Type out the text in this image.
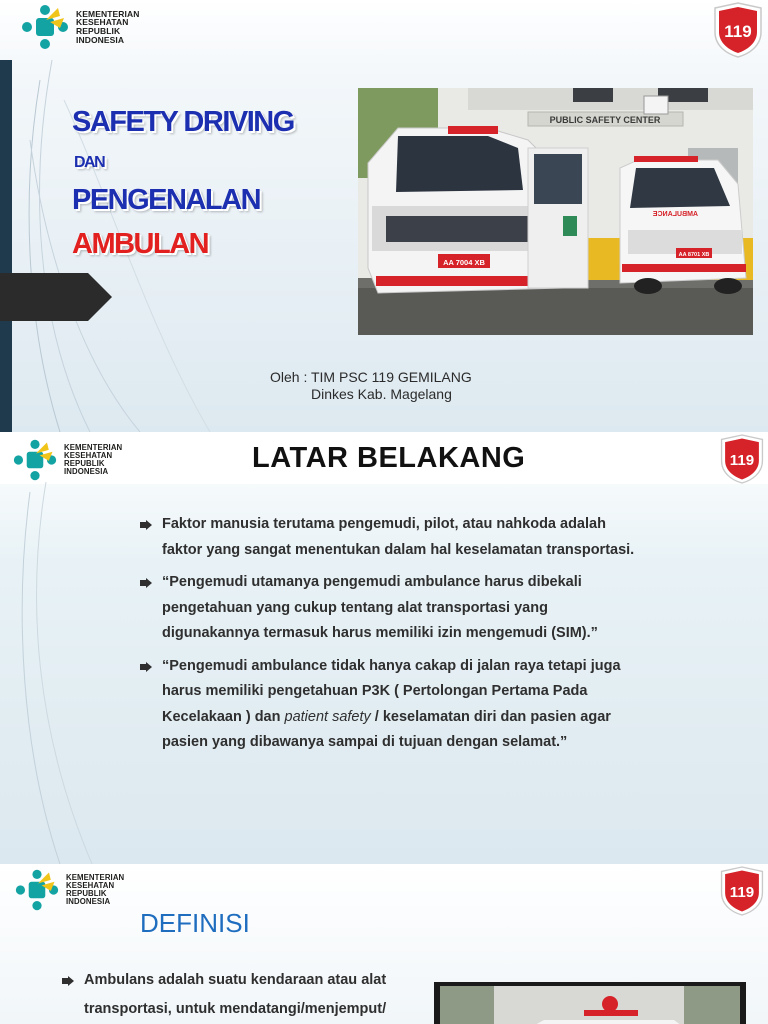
KEMENTERIAN
KESEHATAN
REPUBLIK
INDONESIA	119
SAFETY DRIVING
DAN
PENGENALAN
AMBULAN
PUBLIC SAFETY CENTER
AA 7004 XB
AMBULANCE
AA 8701 XB
Oleh : TIM PSC 119 GEMILANG
Dinkes Kab. Magelang
KEMENTERIAN
KESEHATAN
REPUBLIK
INDONESIA
119
LATAR BELAKANG
Faktor manusia terutama pengemudi, pilot, atau nahkoda adalah faktor yang sangat menentukan dalam hal keselamatan transportasi.
“Pengemudi utamanya pengemudi ambulance harus dibekali pengetahuan yang cukup tentang alat transportasi yang digunakannya termasuk harus memiliki izin mengemudi (SIM).”
“Pengemudi ambulance tidak hanya cakap di jalan raya tetapi juga harus memiliki pengetahuan P3K ( Pertolongan Pertama Pada Kecelakaan ) dan patient safety / keselamatan diri dan pasien agar pasien yang dibawanya sampai di tujuan dengan selamat.”
KEMENTERIAN
KESEHATAN
REPUBLIK
INDONESIA
119
DEFINISI
Ambulans adalah suatu kendaraan atau alat transportasi, untuk mendatangi/menjemput/
